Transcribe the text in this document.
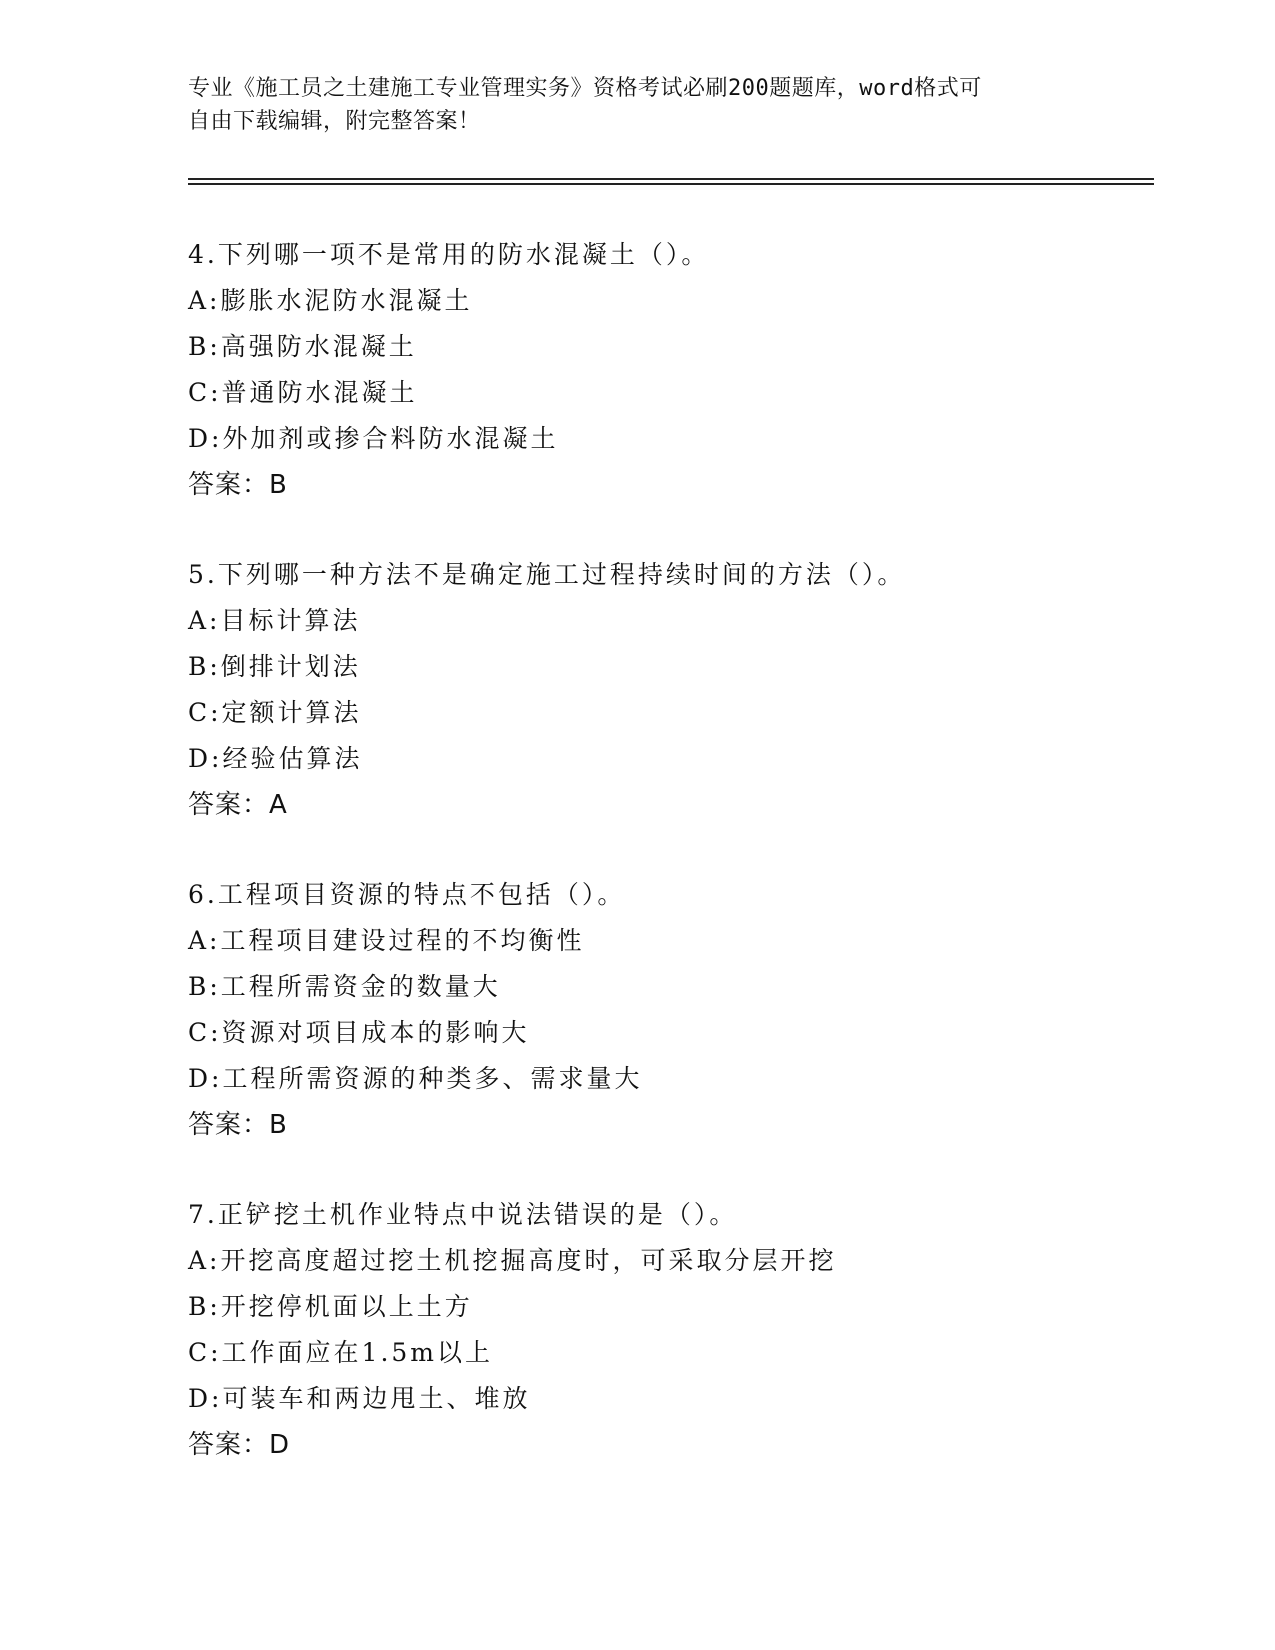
专业《施工员之土建施工专业管理实务》资格考试必刷200题题库，word格式可
自由下载编辑，附完整答案！
4.下列哪一项不是常用的防水混凝土（）。
A:膨胀水泥防水混凝土
B:高强防水混凝土
C:普通防水混凝土
D:外加剂或掺合料防水混凝土
答案：B
5.下列哪一种方法不是确定施工过程持续时间的方法（）。
A:目标计算法
B:倒排计划法
C:定额计算法
D:经验估算法
答案：A
6.工程项目资源的特点不包括（）。
A:工程项目建设过程的不均衡性
B:工程所需资金的数量大
C:资源对项目成本的影响大
D:工程所需资源的种类多、需求量大
答案：B
7.正铲挖土机作业特点中说法错误的是（）。
A:开挖高度超过挖土机挖掘高度时，可采取分层开挖
B:开挖停机面以上土方
C:工作面应在1.5m以上
D:可装车和两边甩土、堆放
答案：D
